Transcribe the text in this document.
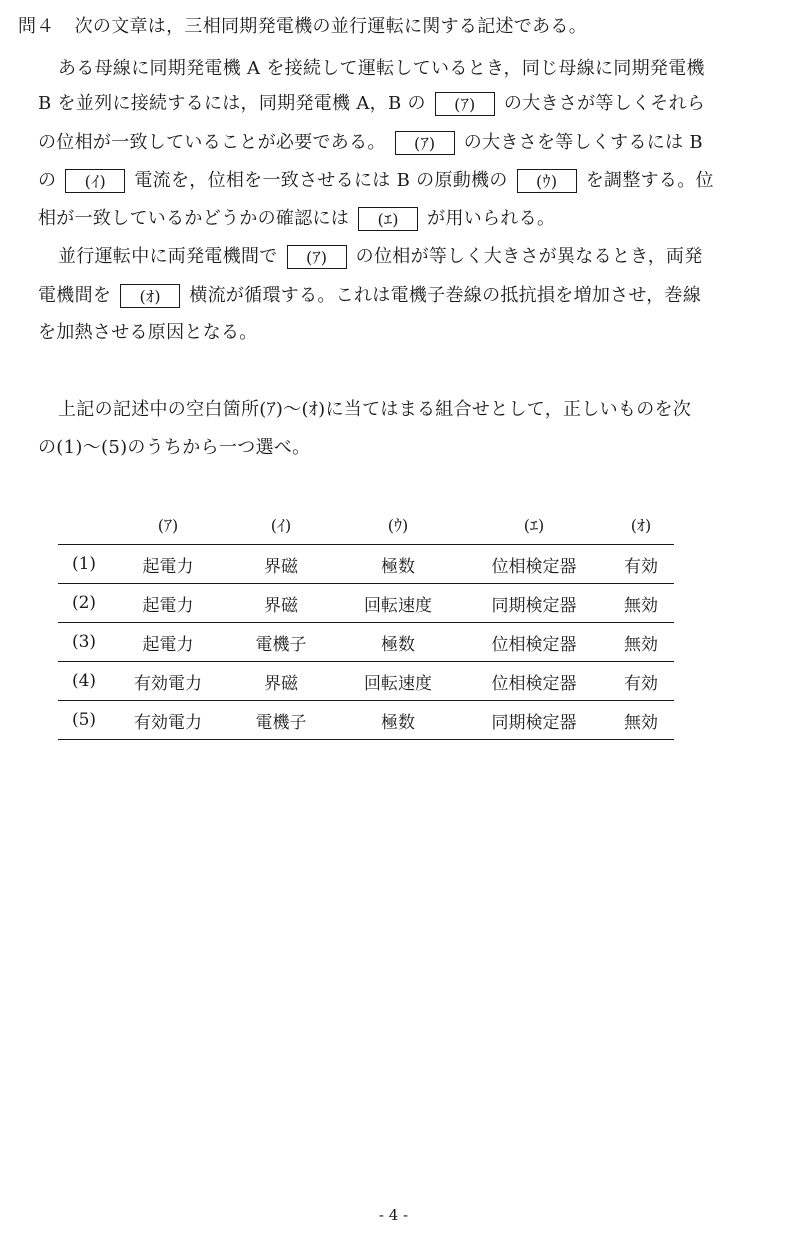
問４ 次の文章は，三相同期発電機の並行運転に関する記述である。
ある母線に同期発電機 A を接続して運転しているとき，同じ母線に同期発電機
B を並列に接続するには，同期発電機 A，B の (ｱ) の大きさが等しくそれら
の位相が一致していることが必要である。 (ｱ) の大きさを等しくするには B
の (ｲ) 電流を，位相を一致させるには B の原動機の (ｳ) を調整する。位
相が一致しているかどうかの確認には (ｴ) が用いられる。
並行運転中に両発電機間で (ｱ) の位相が等しく大きさが異なるとき，両発
電機間を (ｵ) 横流が循環する。これは電機子巻線の抵抗損を増加させ，巻線
を加熱させる原因となる。
上記の記述中の空白箇所(ｱ)～(ｵ)に当てはまる組合せとして，正しいものを次
の(1)～(5)のうちから一つ選べ。
	(ｱ)	(ｲ)	(ｳ)	(ｴ)	(ｵ)
(1)	起電力	界磁	極数	位相検定器	有効
(2)	起電力	界磁	回転速度	同期検定器	無効
(3)	起電力	電機子	極数	位相検定器	無効
(4)	有効電力	界磁	回転速度	位相検定器	有効
(5)	有効電力	電機子	極数	同期検定器	無効
- 4 -
